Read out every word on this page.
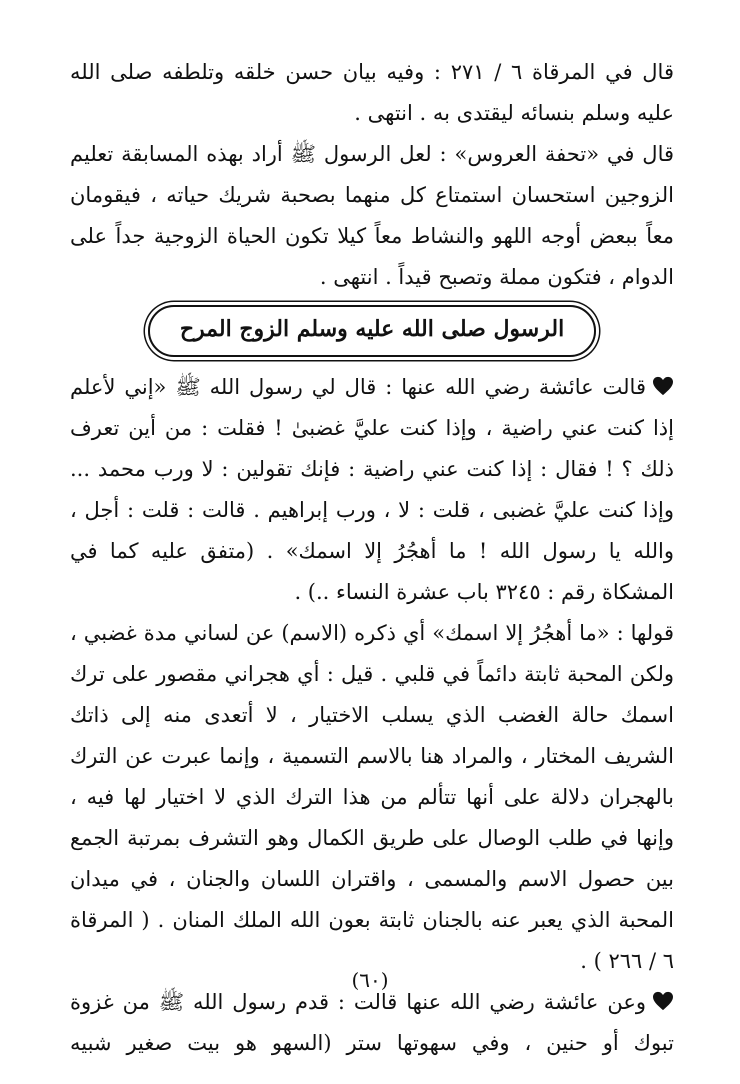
قال في المرقاة ٦ / ٢٧١ : وفيه بيان حسن خلقه وتلطفه صلى الله عليه وسلم بنسائه ليقتدى به . انتهى .

قال في «تحفة العروس» : لعل الرسول ﷺ أراد بهذه المسابقة تعليم الزوجين استحسان استمتاع كل منهما بصحبة شريك حياته ، فيقومان معاً ببعض أوجه اللهو والنشاط معاً كيلا تكون الحياة الزوجية جداً على الدوام ، فتكون مملة وتصبح قيداً . انتهى .

الرسول صلى الله عليه وسلم الزوج المرح

قالت عائشة رضي الله عنها : قال لي رسول الله ﷺ «إني لأعلم إذا كنت عني راضية ، وإذا كنت عليَّ غضبىٰ ! فقلت : من أين تعرف ذلك ؟ ! فقال : إذا كنت عني راضية : فإنك تقولين : لا ورب محمد ... وإذا كنت عليَّ غضبى ، قلت : لا ، ورب إبراهيم . قالت : قلت : أجل ، والله يا رسول الله ! ما أهجُرُ إلا اسمك» . (متفق عليه كما في المشكاة رقم : ٣٢٤٥ باب عشرة النساء ..) .

قولها : «ما أهجُرُ إلا اسمك» أي ذكره (الاسم) عن لساني مدة غضبي ، ولكن المحبة ثابتة دائماً في قلبي . قيل : أي هجراني مقصور على ترك اسمك حالة الغضب الذي يسلب الاختيار ، لا أتعدى منه إلى ذاتك الشريف المختار ، والمراد هنا بالاسم التسمية ، وإنما عبرت عن الترك بالهجران دلالة على أنها تتألم من هذا الترك الذي لا اختيار لها فيه ، وإنها في طلب الوصال على طريق الكمال وهو التشرف بمرتبة الجمع بين حصول الاسم والمسمى ، واقتران اللسان والجنان ، في ميدان المحبة الذي يعبر عنه بالجنان ثابتة بعون الله الملك المنان . ( المرقاة ٦ / ٢٦٦ ) .

وعن عائشة رضي الله عنها قالت : قدم رسول الله ﷺ من غزوة تبوك أو حنين ، وفي سهوتها ستر (السهو هو بيت صغير شبيه

(٦٠)
